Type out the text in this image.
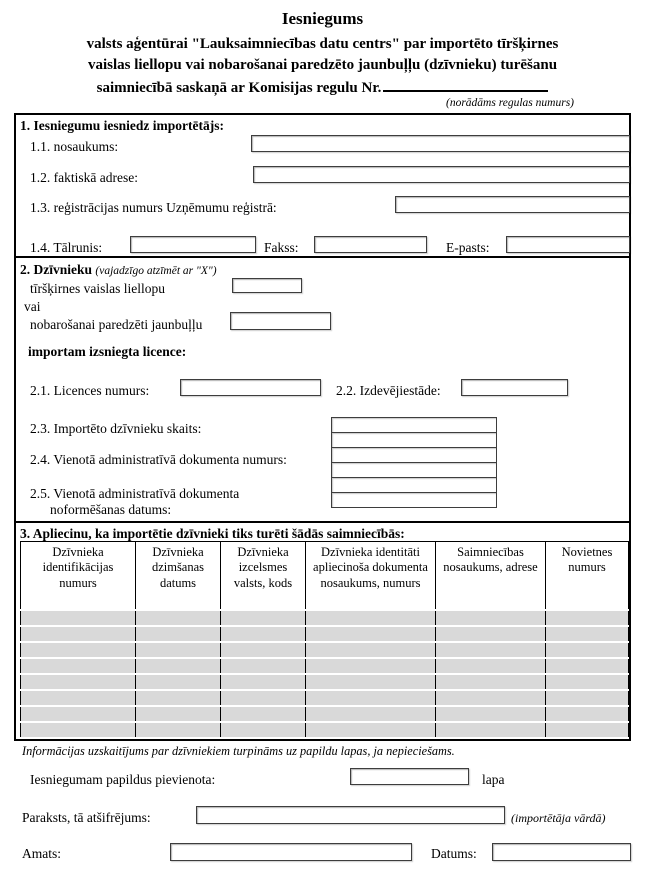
Iesniegums
valsts aģentūrai "Lauksaimniecības datu centrs" par importēto tīršķirnes
vaislas liellopu vai nobarošanai paredzēto jaunbuļļu (dzīvnieku) turēšanu
saimniecībā saskaņā ar Komisijas regulu Nr.
(norādāms regulas numurs)
1. Iesniegumu iesniedz importētājs:
1.1. nosaukums:
1.2. faktiskā adrese:
1.3. reģistrācijas numurs Uzņēmumu reģistrā:
1.4. Tālrunis:	Fakss:	E-pasts:
2. Dzīvnieku (vajadzīgo atzīmēt ar "X")
tīršķirnes vaislas liellopu
vai
nobarošanai paredzēti jaunbuļļu
importam izsniegta licence:
2.1. Licences numurs:	2.2. Izdevējiestāde:
2.3. Importēto dzīvnieku skaits:
2.4. Vienotā administratīvā dokumenta numurs:
2.5. Vienotā administratīvā dokumenta
noformēšanas datums:
3. Apliecinu, ka importētie dzīvnieki tiks turēti šādās saimniecībās:
Dzīvnieka identifikācijas numurs	Dzīvnieka dzimšanas datums	Dzīvnieka izcelsmes valsts, kods	Dzīvnieka identitāti apliecinoša dokumenta nosaukums, numurs	Saimniecības nosaukums, adrese	Novietnes numurs

Informācijas uzskaitījums par dzīvniekiem turpināms uz papildu lapas, ja nepieciešams.
Iesniegumam papildus pievienota:	lapa
Paraksts, tā atšifrējums:	(importētāja vārdā)
Amats:	Datums:
